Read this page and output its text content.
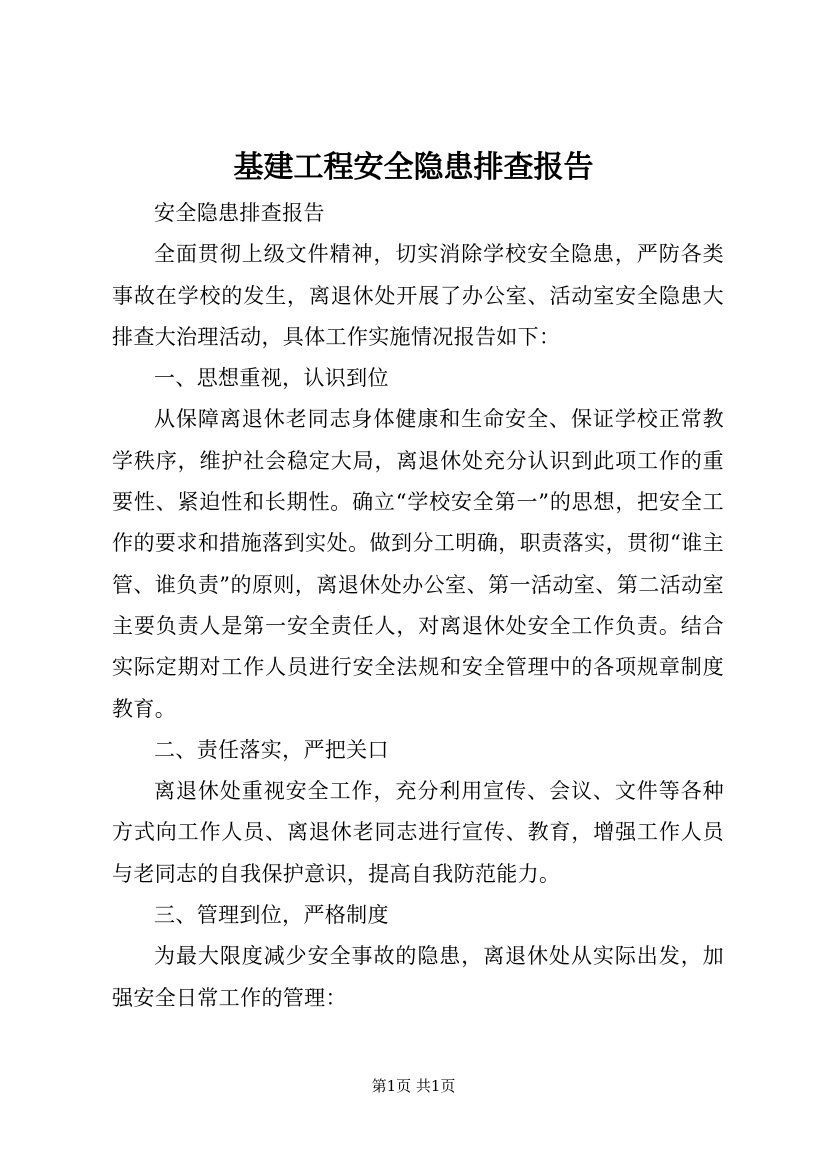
基建工程安全隐患排查报告

安全隐患排查报告

全面贯彻上级文件精神，切实消除学校安全隐患，严防各类事故在学校的发生，离退休处开展了办公室、活动室安全隐患大排查大治理活动，具体工作实施情况报告如下：

一、思想重视，认识到位

从保障离退休老同志身体健康和生命安全、保证学校正常教学秩序，维护社会稳定大局，离退休处充分认识到此项工作的重要性、紧迫性和长期性。确立“学校安全第一”的思想，把安全工作的要求和措施落到实处。做到分工明确，职责落实，贯彻“谁主管、谁负责”的原则，离退休处办公室、第一活动室、第二活动室主要负责人是第一安全责任人，对离退休处安全工作负责。结合实际定期对工作人员进行安全法规和安全管理中的各项规章制度教育。

二、责任落实，严把关口

离退休处重视安全工作，充分利用宣传、会议、文件等各种方式向工作人员、离退休老同志进行宣传、教育，增强工作人员与老同志的自我保护意识，提高自我防范能力。

三、管理到位，严格制度

为最大限度减少安全事故的隐患，离退休处从实际出发，加强安全日常工作的管理：

第1页 共1页
